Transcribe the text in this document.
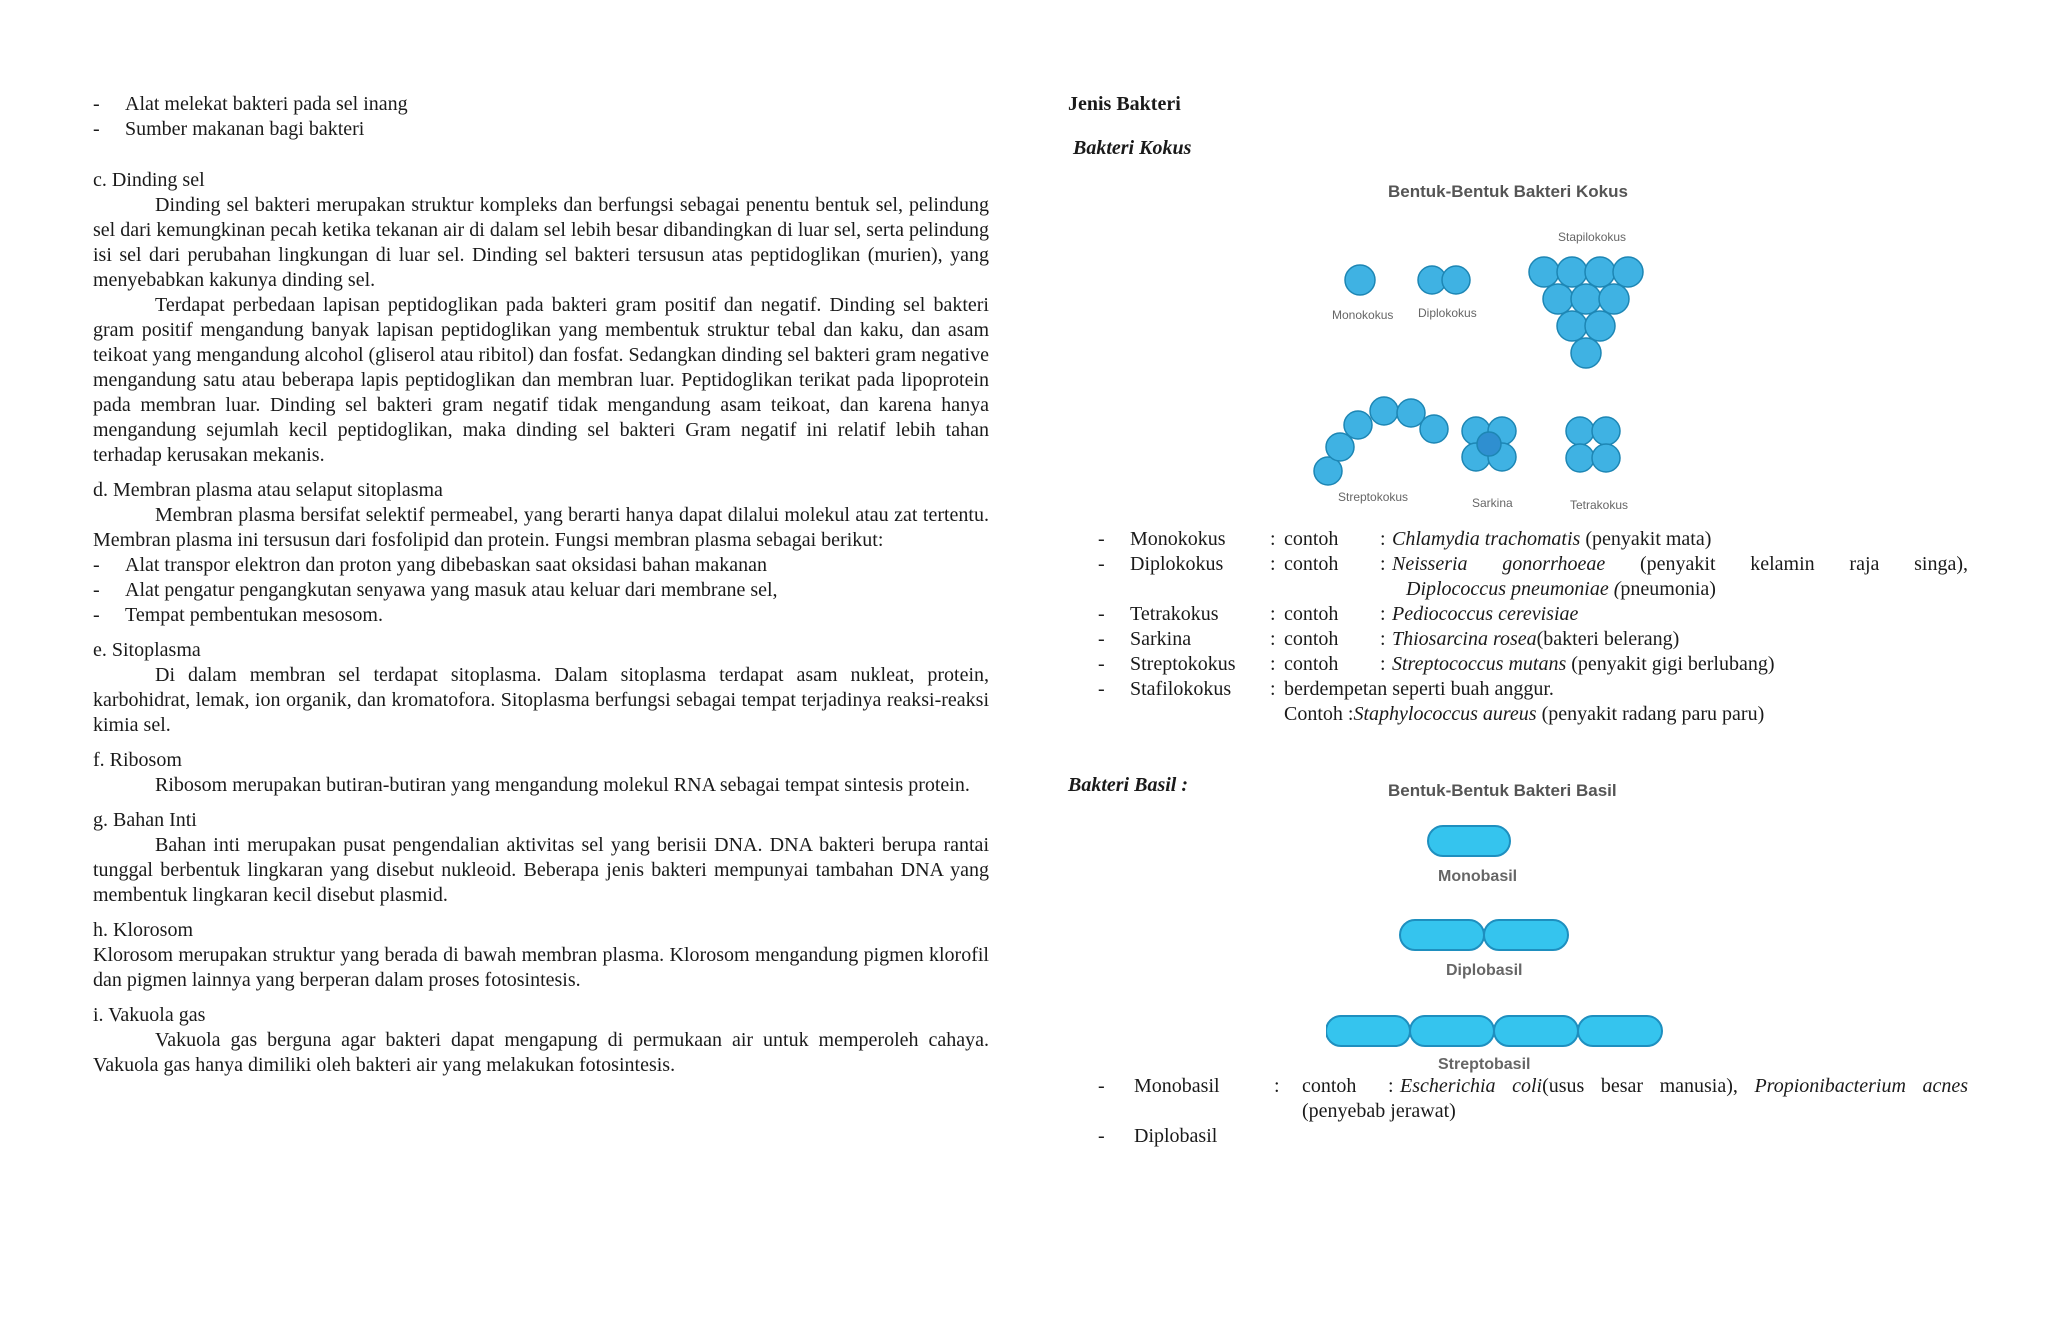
-	Alat melekat bakteri pada sel inang
-	Sumber makanan bagi bakteri

c. Dinding sel

Dinding sel bakteri merupakan struktur kompleks dan berfungsi sebagai penentu bentuk sel, pelindung sel dari kemungkinan pecah ketika tekanan air di dalam sel lebih besar dibandingkan di luar sel, serta pelindung isi sel dari perubahan lingkungan di luar sel. Dinding sel bakteri tersusun atas peptidoglikan (murien), yang menyebabkan kakunya dinding sel.

Terdapat perbedaan lapisan peptidoglikan pada bakteri gram positif dan negatif. Dinding sel bakteri gram positif mengandung banyak lapisan peptidoglikan yang membentuk struktur tebal dan kaku, dan asam teikoat yang mengandung alcohol (gliserol atau ribitol) dan fosfat. Sedangkan dinding sel bakteri gram negative mengandung satu atau beberapa lapis peptidoglikan dan membran luar. Peptidoglikan terikat pada lipoprotein pada membran luar. Dinding sel bakteri gram negatif tidak mengandung asam teikoat, dan karena hanya mengandung sejumlah kecil peptidoglikan, maka dinding sel bakteri Gram negatif ini relatif lebih tahan terhadap kerusakan mekanis.

d. Membran plasma atau selaput sitoplasma

Membran plasma bersifat selektif permeabel, yang berarti hanya dapat dilalui molekul atau zat tertentu. Membran plasma ini tersusun dari fosfolipid dan protein. Fungsi membran plasma sebagai berikut:

-	Alat transpor elektron dan proton yang dibebaskan saat oksidasi bahan makanan
-	Alat pengatur pengangkutan senyawa yang masuk atau keluar dari membrane sel,
-	Tempat pembentukan mesosom.

e. Sitoplasma

Di dalam membran sel terdapat sitoplasma. Dalam sitoplasma terdapat asam nukleat, protein, karbohidrat, lemak, ion organik, dan kromatofora. Sitoplasma berfungsi sebagai tempat terjadinya reaksi-reaksi kimia sel.

f. Ribosom

Ribosom merupakan butiran-butiran yang mengandung molekul RNA sebagai tempat sintesis protein.

g. Bahan Inti

Bahan inti merupakan pusat pengendalian aktivitas sel yang berisii DNA. DNA bakteri berupa rantai tunggal berbentuk lingkaran yang disebut nukleoid. Beberapa jenis bakteri mempunyai tambahan DNA yang membentuk lingkaran kecil disebut plasmid.

h. Klorosom

Klorosom merupakan struktur yang berada di bawah membran plasma. Klorosom mengandung pigmen klorofil dan pigmen lainnya yang berperan dalam proses fotosintesis.

i. Vakuola gas

Vakuola gas berguna agar bakteri dapat mengapung di permukaan air untuk memperoleh cahaya. Vakuola gas hanya dimiliki oleh bakteri air yang melakukan fotosintesis.

Jenis Bakteri

Bakteri Kokus

Bentuk-Bentuk Bakteri Kokus
Monokokus Diplokokus
Stapilokokus
Streptokokus	Sarkina	Tetrakokus
-	Monokokus	:	contoh	:	Chlamydia trachomatis (penyakit mata)
-	Diplokokus	:	contoh	:	Neisseria gonorrhoeae (penyakit kelamin raja singa),
					Diplococcus pneumoniae (pneumonia)
-	Tetrakokus	:	contoh	:	Pediococcus cerevisiae
-	Sarkina	:	contoh	:	Thiosarcina rosea(bakteri belerang)
-	Streptokokus	:	contoh	:	Streptococcus mutans (penyakit gigi berlubang)
-	Stafilokokus	:	berdempetan seperti buah anggur.		
			Contoh :Staphylococcus aureus (penyakit radang paru paru)		

Bakteri Basil :	Bentuk-Bentuk Bakteri Basil
Monobasil
Diplobasil
Streptobasil
-	Monobasil	:	contoh	:	Escherichia coli(usus besar manusia), Propionibacterium acnes
			(penyebab jerawat)		
-	Diplobasil				
